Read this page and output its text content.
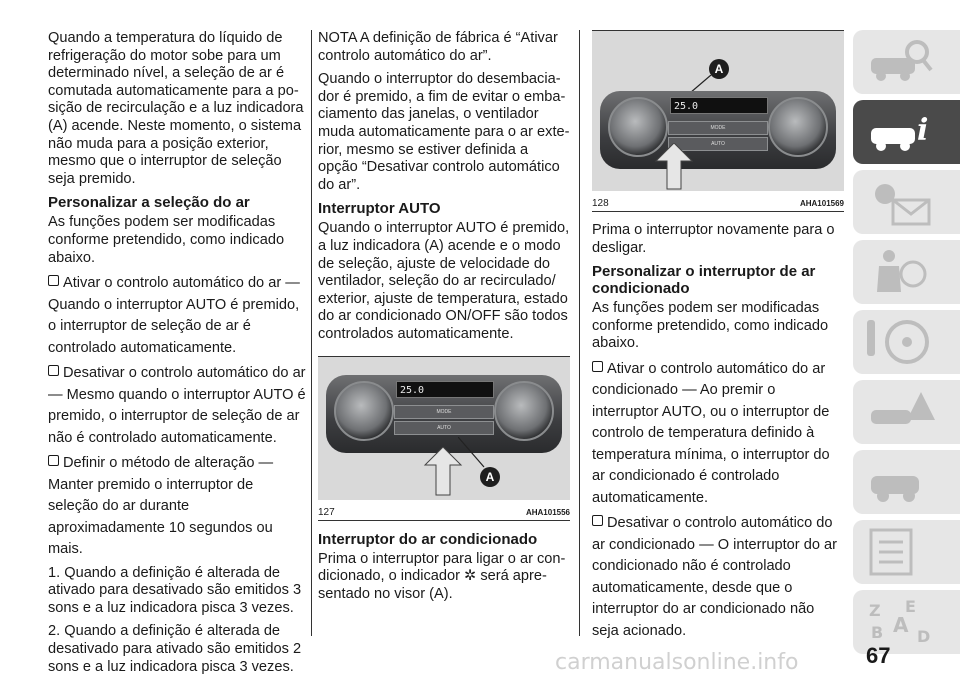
Quando a temperatura do líquido de refrigeração do motor sobe para um determinado nível, a seleção de ar é comutada automaticamente para a po-sição de recirculação e a luz indicadora (A) acende. Neste momento, o sistema não muda para a posição exterior, mesmo que o interruptor de seleção seja premido.

Personalizar a seleção do ar

As funções podem ser modificadas conforme pretendido, como indicado abaixo.

Ativar o controlo automático do ar — Quando o interruptor AUTO é premido, o interruptor de seleção de ar é controlado automaticamente.
Desativar o controlo automático do ar — Mesmo quando o interruptor AUTO é premido, o interruptor de seleção de ar não é controlado automaticamente.
Definir o método de alteração — Manter premido o interruptor de seleção do ar durante aproximadamente 10 segundos ou mais.

1. Quando a definição é alterada de ativado para desativado são emitidos 3 sons e a luz indicadora pisca 3 vezes.

2. Quando a definição é alterada de desativado para ativado são emitidos 2 sons e a luz indicadora pisca 3 vezes.

NOTA A definição de fábrica é “Ativar controlo automático do ar”.

Quando o interruptor do desembacia-dor é premido, a fim de evitar o emba-ciamento das janelas, o ventilador muda automaticamente para o ar exte-rior, mesmo se estiver definida a opção “Desativar controlo automático do ar”.

Interruptor AUTO

Quando o interruptor AUTO é premido, a luz indicadora (A) acende e o modo de seleção, ajuste de velocidade do ventilador, seleção do ar recirculado/ exterior, ajuste de temperatura, estado do ar condicionado ON/OFF são todos controlados automaticamente.

25.0
MODE
AUTO
A
127	AHA101556
Interruptor do ar condicionado

Prima o interruptor para ligar o ar con-dicionado, o indicador ✲ será apre-sentado no visor (A).

A
25.0
MODE
AUTO
128	AHA101569

Prima o interruptor novamente para o desligar.

Personalizar o interruptor de ar condicionado

As funções podem ser modificadas conforme pretendido, como indicado abaixo.

Ativar o controlo automático do ar condicionado — Ao premir o interruptor AUTO, ou o interruptor de controlo de temperatura definido à temperatura mínima, o interruptor do ar condicionado é controlado automaticamente.
Desativar o controlo automático do ar condicionado — O interruptor do ar condicionado não é controlado automaticamente, desde que o interruptor do ar condicionado não seja acionado.
i
Z E
B A D
carmanualsonline.info	67
